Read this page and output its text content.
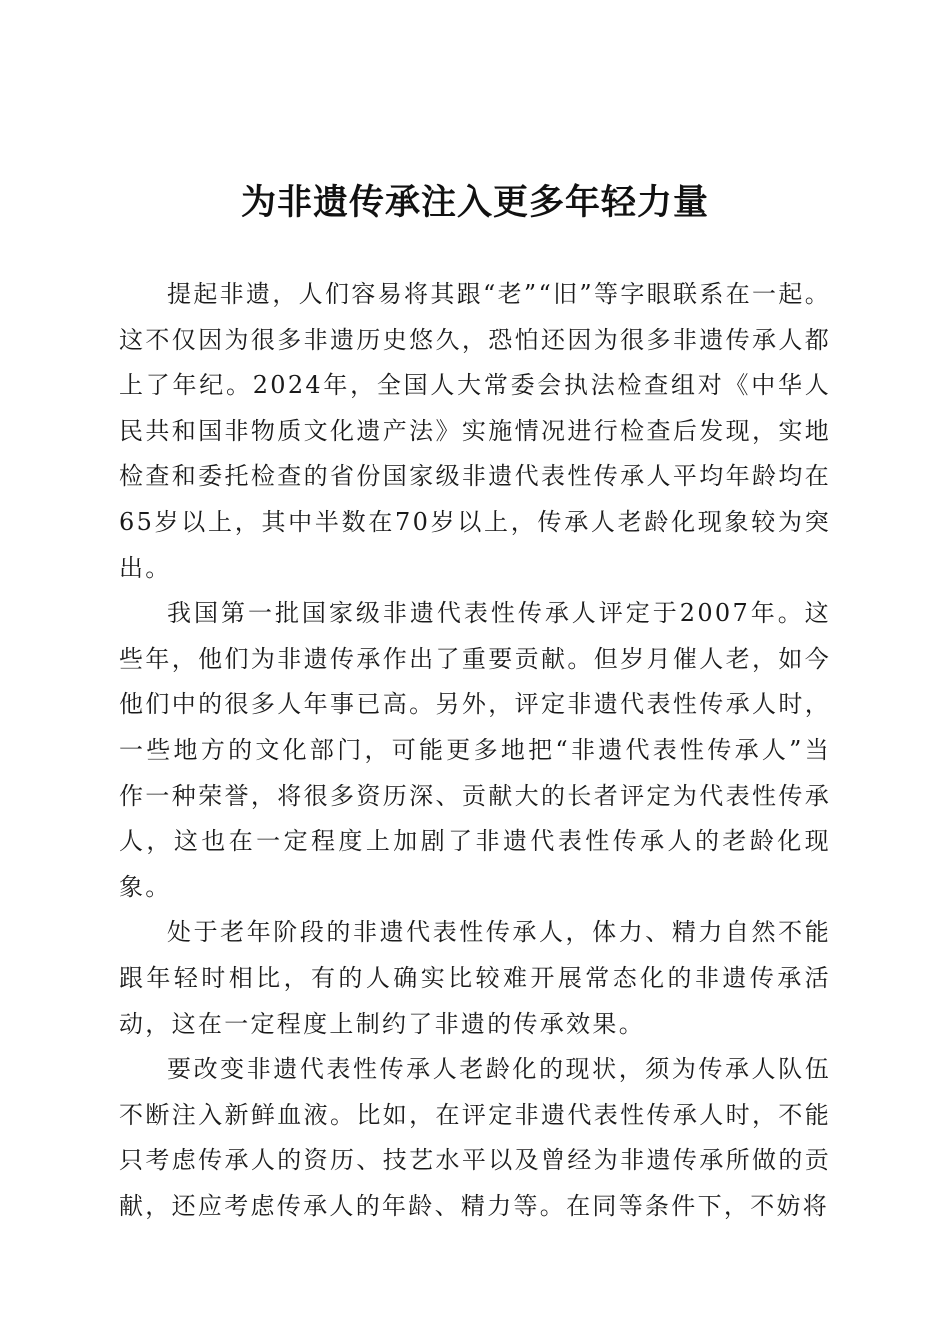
为非遗传承注入更多年轻力量

提起非遗，人们容易将其跟“老”“旧”等字眼联系在一起。这不仅因为很多非遗历史悠久，恐怕还因为很多非遗传承人都上了年纪。2024年，全国人大常委会执法检查组对《中华人民共和国非物质文化遗产法》实施情况进行检查后发现，实地检查和委托检查的省份国家级非遗代表性传承人平均年龄均在65岁以上，其中半数在70岁以上，传承人老龄化现象较为突出。

我国第一批国家级非遗代表性传承人评定于2007年。这些年，他们为非遗传承作出了重要贡献。但岁月催人老，如今他们中的很多人年事已高。另外，评定非遗代表性传承人时，一些地方的文化部门，可能更多地把“非遗代表性传承人”当作一种荣誉，将很多资历深、贡献大的长者评定为代表性传承人，这也在一定程度上加剧了非遗代表性传承人的老龄化现象。

处于老年阶段的非遗代表性传承人，体力、精力自然不能跟年轻时相比，有的人确实比较难开展常态化的非遗传承活动，这在一定程度上制约了非遗的传承效果。

要改变非遗代表性传承人老龄化的现状，须为传承人队伍不断注入新鲜血液。比如，在评定非遗代表性传承人时，不能只考虑传承人的资历、技艺水平以及曾经为非遗传承所做的贡献，还应考虑传承人的年龄、精力等。在同等条件下，不妨将
